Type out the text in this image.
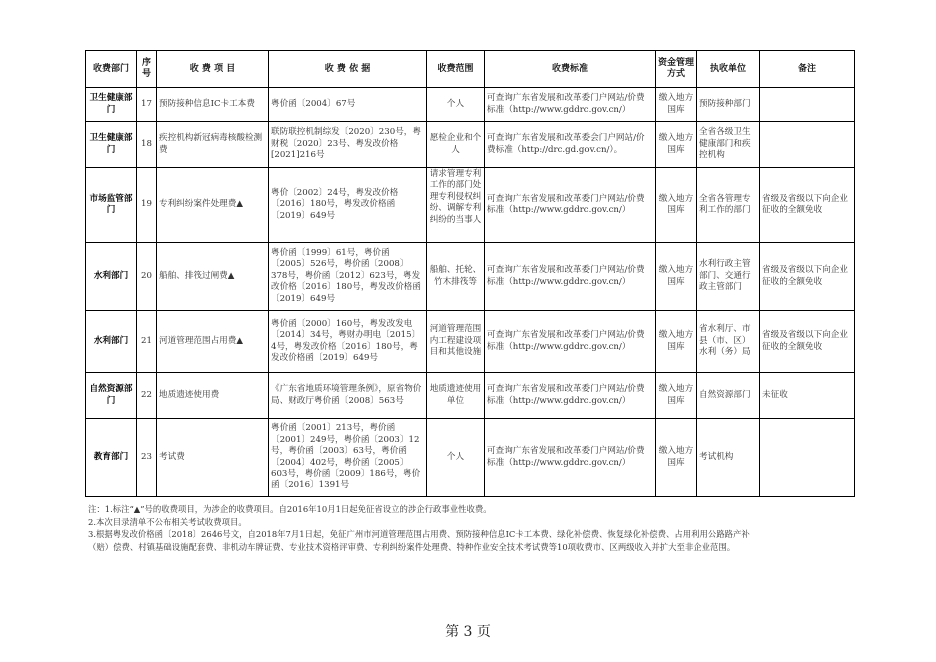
收费部门	序号	收 费 项 目	收 费 依 据	收费范围	收费标准	资金管理方式	执收单位	备注
卫生健康部门	17	预防接种信息IC卡工本费	粤价函〔2004〕67号	个人	可查询广东省发展和改革委门户网站/价费标准（http://www.gddrc.gov.cn/）	缴入地方国库	预防接种部门	
卫生健康部门	18	疾控机构新冠病毒核酸检测费	联防联控机制综发〔2020〕230号，粤财税〔2020〕23号、粤发改价格[2021]216号	愿检企业和个人	可查询广东省发展和改革委会门户网站/价费标准（http://drc.gd.gov.cn/）。	缴入地方国库	全省各级卫生健康部门和疾控机构	
市场监管部门	19	专利纠纷案件处理费▲	粤价〔2002〕24号，粤发改价格〔2016〕180号，粤发改价格函〔2019〕649号	请求管理专利工作的部门处理专利侵权纠纷、调解专利纠纷的当事人	可查询广东省发展和改革委门户网站/价费标准（http://www.gddrc.gov.cn/）	缴入地方国库	全省各管理专利工作的部门	省级及省级以下向企业征收的全额免收
水利部门	20	船舶、排筏过闸费▲	粤价函〔1999〕61号，粤价函〔2005〕526号，粤价函〔2008〕378号，粤价函〔2012〕623号，粤发改价格〔2016〕180号，粤发改价格函〔2019〕649号	船舶、托轮、竹木排筏等	可查询广东省发展和改革委门户网站/价费标准（http://www.gddrc.gov.cn/）	缴入地方国库	水利行政主管部门、交通行政主管部门	省级及省级以下向企业征收的全额免收
水利部门	21	河道管理范围占用费▲	粤价函〔2000〕160号，粤发改发电〔2014〕34号，粤财办明电〔2015〕4号，粤发改价格〔2016〕180号，粤发改价格函〔2019〕649号	河道管理范围内工程建设项目和其他设施	可查询广东省发展和改革委门户网站/价费标准（http://www.gddrc.gov.cn/）	缴入地方国库	省水利厅、市县（市、区）水利（务）局	省级及省级以下向企业征收的全额免收
自然资源部门	22	地质遗迹使用费	《广东省地质环境管理条例》，原省物价局、财政厅粤价函〔2008〕563号	地质遗迹使用单位	可查询广东省发展和改革委门户网站/价费标准（http://www.gddrc.gov.cn/）	缴入地方国库	自然资源部门	未征收
教育部门	23	考试费	粤价函〔2001〕213号，粤价函〔2001〕249号，粤价函〔2003〕12号，粤价函〔2003〕63号，粤价函〔2004〕402号，粤价函〔2005〕603号，粤价函〔2009〕186号，粤价函〔2016〕1391号	个人	可查询广东省发展和改革委门户网站/价费标准（http://www.gddrc.gov.cn/）	缴入地方国库	考试机构	
注：1.标注“▲”号的收费项目，为涉企的收费项目。自2016年10月1日起免征省设立的涉企行政事业性收费。
2.本次目录清单不公布相关考试收费项目。
3.根据粤发改价格函〔2018〕2646号文，自2018年7月1日起，免征广州市河道管理范围占用费、预防接种信息IC卡工本费、绿化补偿费、恢复绿化补偿费、占用利用公路路产补
（赔）偿费、村镇基础设施配套费、非机动车牌证费、专业技术资格评审费、专利纠纷案件处理费、特种作业安全技术考试费等10项收费市、区两级收入并扩大至非企业范围。
第 3 页
